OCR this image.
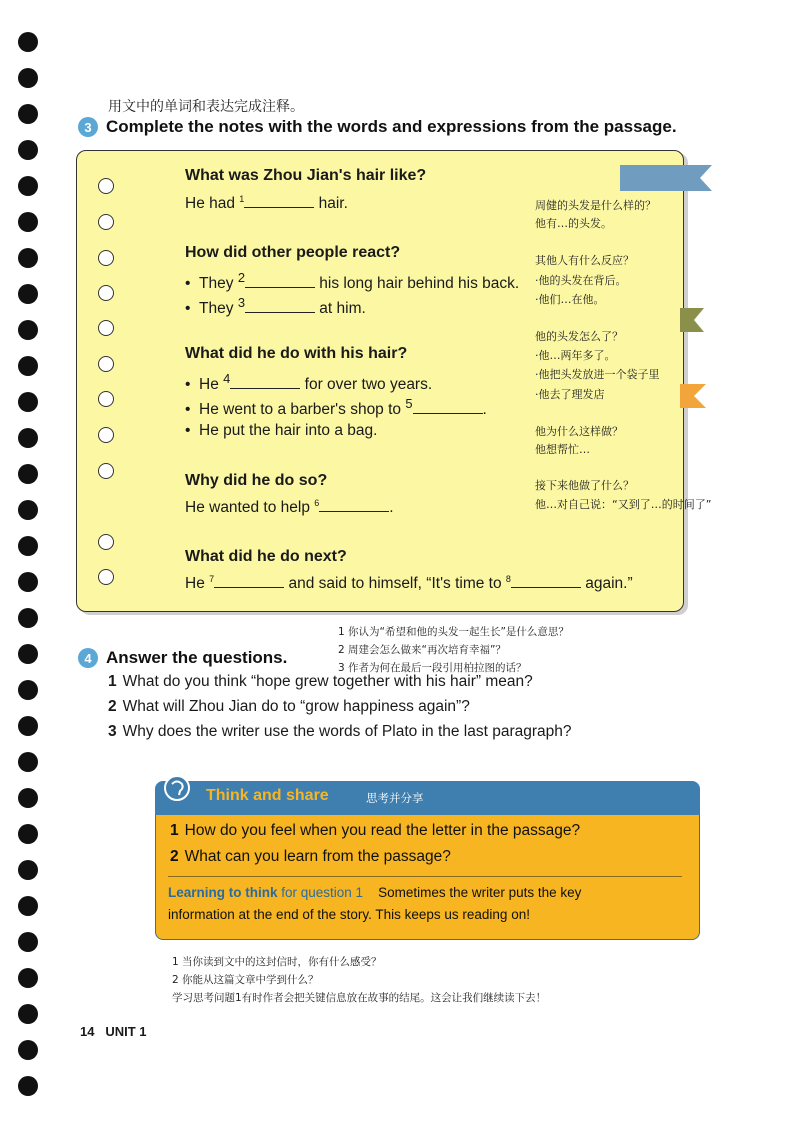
用文中的单词和表达完成注释。
3 Complete the notes with the words and expressions from the passage.
What was Zhou Jian's hair like?
He had $^1$	hair.
How did other people react?
•  They $^2$	his long hair behind his back.
•  They $^3$	at him.
What did he do with his hair?
•  He $^4$	for over two years.
•  He went to a barber's shop to $^5$	.
•  He put the hair into a bag.
Why did he do so?
He wanted to help $^6$	.
What did he do next?
He $^7$	and said to himself, “It's time to $^8$	again.”
周健的头发是什么样的？
他有…的头发。
其他人有什么反应？
·他的头发在背后。
·他们…在他。
他的头发怎么了？
·他…两年多了。
·他把头发放进一个袋子里
·他去了理发店
他为什么这样做？
他想帮忙…
接下来他做了什么？
他…对自己说：“又到了…的时间了”
1 你认为“希望和他的头发一起生长”是什么意思？
2 周建会怎么做来“再次培育幸福”？
3 作者为何在最后一段引用柏拉图的话？
4 Answer the questions.
1 What do you think “hope grew together with his hair” mean?
2 What will Zhou Jian do to “grow happiness again”?
3 Why does the writer use the words of Plato in the last paragraph?
Think and share	思考并分享
1 How do you feel when you read the letter in the passage?
2 What can you learn from the passage?
Learning to think for question 1 Sometimes the writer puts the key
information at the end of the story. This keeps us reading on!
1 当你读到文中的这封信时，你有什么感受？
2 你能从这篇文章中学到什么？
学习思考问题1有时作者会把关键信息放在故事的结尾。这会让我们继续读下去！
14 UNIT 1
